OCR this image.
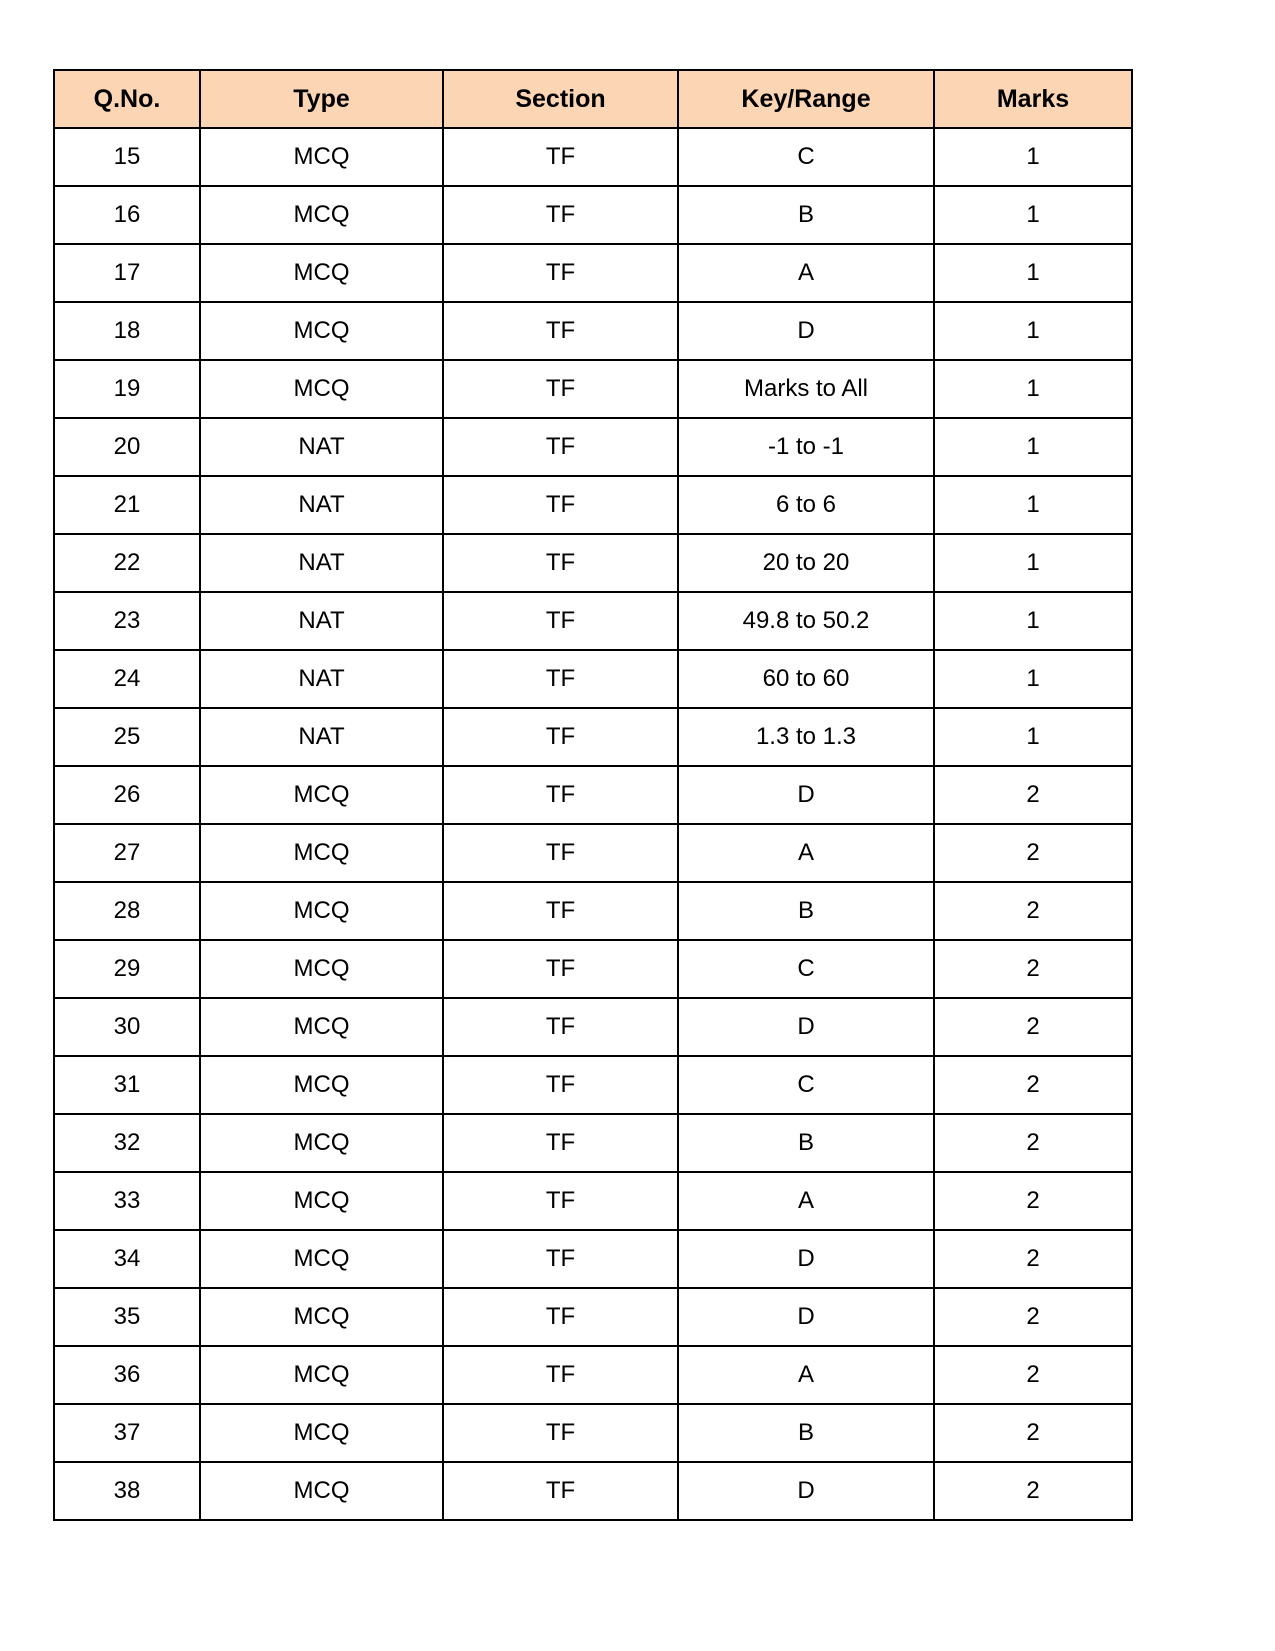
Q.No.	Type	Section	Key/Range	Marks
15	MCQ	TF	C	1
16	MCQ	TF	B	1
17	MCQ	TF	A	1
18	MCQ	TF	D	1
19	MCQ	TF	Marks to All	1
20	NAT	TF	-1 to -1	1
21	NAT	TF	6 to 6	1
22	NAT	TF	20 to 20	1
23	NAT	TF	49.8 to 50.2	1
24	NAT	TF	60 to 60	1
25	NAT	TF	1.3 to 1.3	1
26	MCQ	TF	D	2
27	MCQ	TF	A	2
28	MCQ	TF	B	2
29	MCQ	TF	C	2
30	MCQ	TF	D	2
31	MCQ	TF	C	2
32	MCQ	TF	B	2
33	MCQ	TF	A	2
34	MCQ	TF	D	2
35	MCQ	TF	D	2
36	MCQ	TF	A	2
37	MCQ	TF	B	2
38	MCQ	TF	D	2
